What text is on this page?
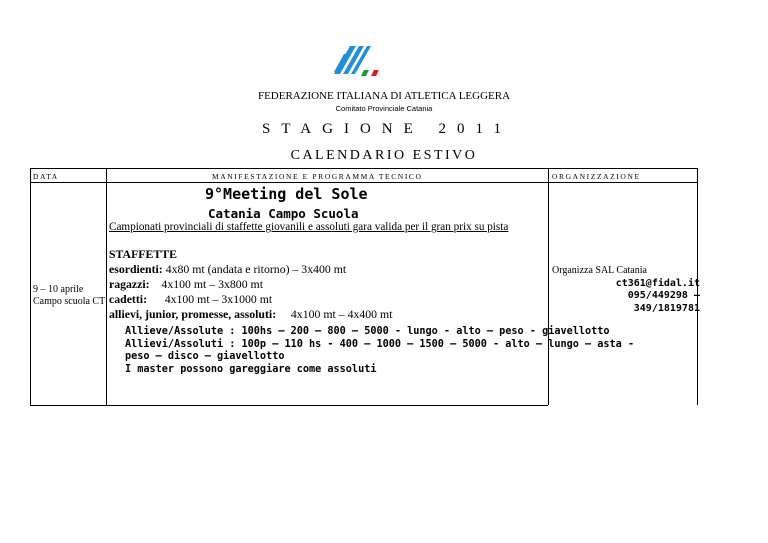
FEDERAZIONE ITALIANA DI ATLETICA LEGGERA
Comitato Provinciale Catania
STAGIONE 2011
CALENDARIO ESTIVO
DATA	MANIFESTAZIONE E PROGRAMMA TECNICO	ORGANIZZAZIONE
9 – 10 aprile
Campo scuola CT
9°Meeting del Sole
Catania Campo Scuola
Campionati provinciali di staffette giovanili e assoluti gara valida per il gran prix su pista
STAFFETTE
esordienti: 4x80 mt (andata e ritorno) – 3x400 mt
ragazzi: 4x100 mt – 3x800 mt
cadetti: 4x100 mt – 3x1000 mt
allievi, junior, promesse, assoluti: 4x100 mt – 4x400 mt
Allieve/Assolute : 100hs – 200 – 800 – 5000 - lungo - alto – peso - giavellotto
Allievi/Assoluti : 100p – 110 hs - 400 – 1000 – 1500 – 5000 - alto – lungo – asta -
peso – disco – giavellotto
I master possono gareggiare come assoluti
Organizza SAL Catania
ct361@fidal.it
095/449298 –
349/1819781
